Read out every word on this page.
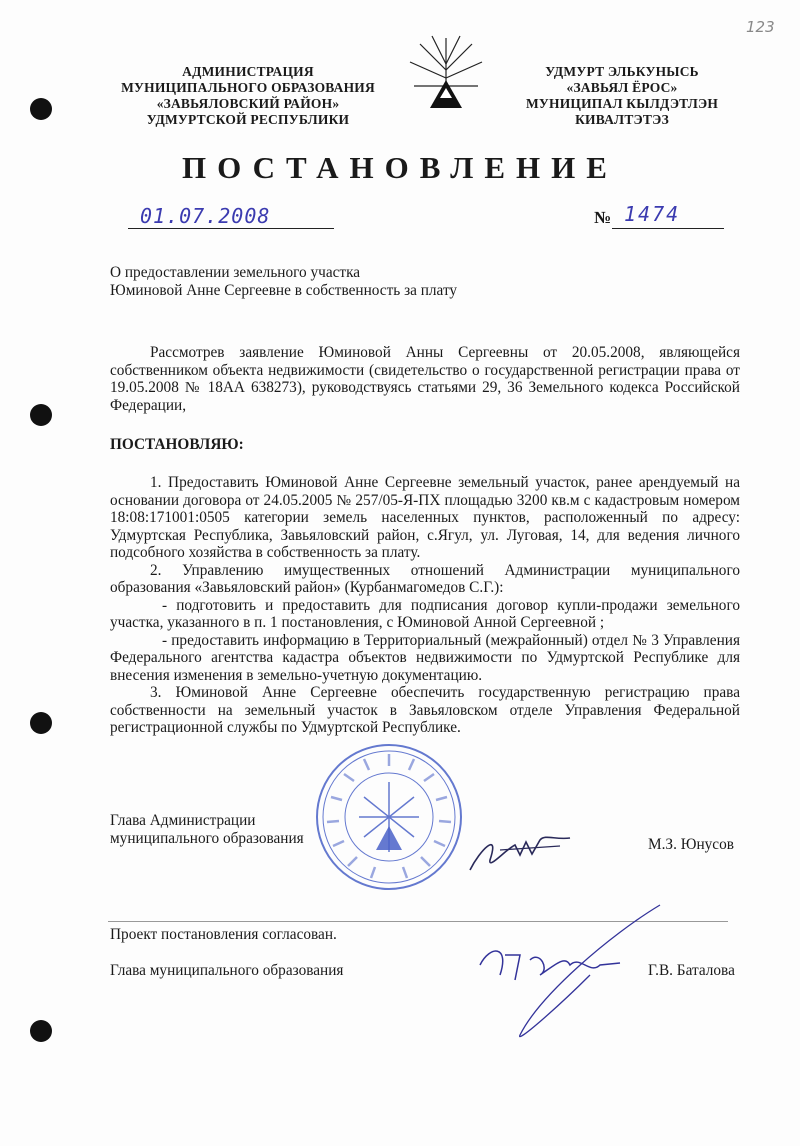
123
АДМИНИСТРАЦИЯ
МУНИЦИПАЛЬНОГО ОБРАЗОВАНИЯ
«ЗАВЬЯЛОВСКИЙ РАЙОН»
УДМУРТСКОЙ РЕСПУБЛИКИ
УДМУРТ ЭЛЬКУНЫСЬ
«ЗАВЬЯЛ ЁРОС»
МУНИЦИПАЛ КЫЛДЭТЛЭН
КИВАЛТЭТЭЗ
ПОСТАНОВЛЕНИЕ
01.07.2008	№ 1474
О предоставлении земельного участка
Юминовой Анне Сергеевне в собственность за плату

Рассмотрев заявление Юминовой Анны Сергеевны от 20.05.2008, являющейся собственником объекта недвижимости (свидетельство о государственной регистрации права от 19.05.2008 № 18АА 638273), руководствуясь статьями 29, 36 Земельного кодекса Российской Федерации,

ПОСТАНОВЛЯЮ:

1. Предоставить Юминовой Анне Сергеевне земельный участок, ранее арендуемый на основании договора от 24.05.2005 № 257/05-Я-ПХ площадью 3200 кв.м с кадастровым номером 18:08:171001:0505 категории земель населенных пунктов, расположенный по адресу: Удмуртская Республика, Завьяловский район, с.Ягул, ул. Луговая, 14, для ведения личного подсобного хозяйства в собственность за плату.

2. Управлению имущественных отношений Администрации муниципального образования «Завьяловский район» (Курбанмагомедов С.Г.):

- подготовить и предоставить для подписания договор купли-продажи земельного участка, указанного в п. 1 постановления, с Юминовой Анной Сергеевной ;

- предоставить информацию в Территориальный (межрайонный) отдел № 3 Управления Федерального агентства кадастра объектов недвижимости по Удмуртской Республике для внесения изменения в земельно-учетную документацию.

3. Юминовой Анне Сергеевне обеспечить государственную регистрацию права собственности на земельный участок в Завьяловском отделе Управления Федеральной регистрационной службы по Удмуртской Республике.

Глава Администрации
муниципального образования	М.З. Юнусов
Проект постановления согласован.
Глава муниципального образования	Г.В. Баталова
